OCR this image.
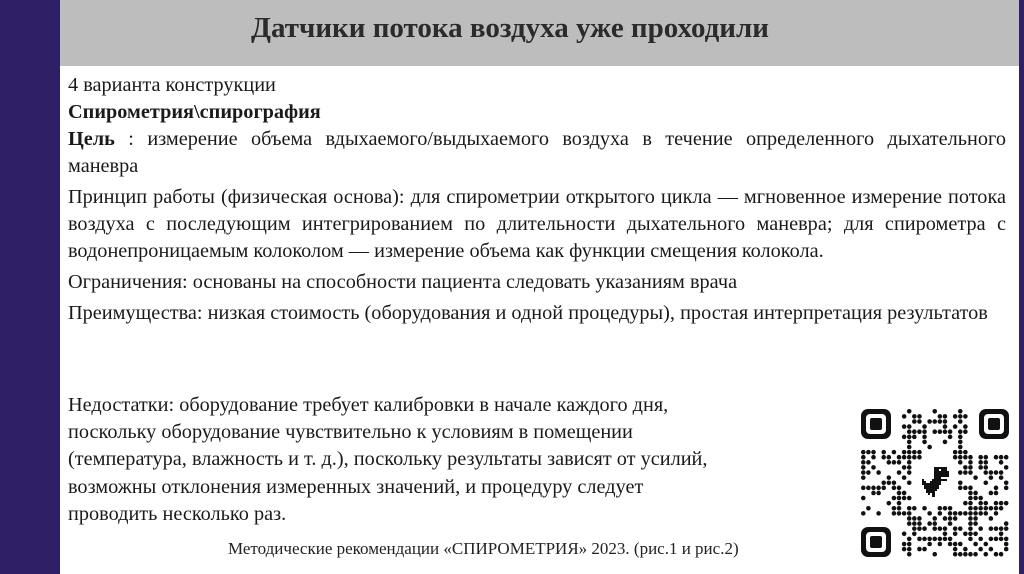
Датчики потока воздуха уже проходили

4 варианта конструкции

Спирометрия\спирография

Цель : измерение объема вдыхаемого/выдыхаемого воздуха в течение определенного дыхательного маневра

Принцип работы (физическая основа): для спирометрии открытого цикла — мгновенное измерение потока воздуха с последующим интегрированием по длительности дыхательного маневра; для спирометра с водонепроницаемым колоколом — измерение объема как функции смещения колокола.

Ограничения: основаны на способности пациента следовать указаниям врача

Преимущества: низкая стоимость (оборудования и одной процедуры), простая интерпретация результатов

Недостатки: оборудование требует калибровки в начале каждого дня,

поскольку оборудование чувствительно к условиям в помещении

(температура, влажность и т. д.), поскольку результаты зависят от усилий,

возможны отклонения измеренных значений, и процедуру следует

проводить несколько раз.

Методические рекомендации «СПИРОМЕТРИЯ» 2023. (рис.1 и рис.2)
